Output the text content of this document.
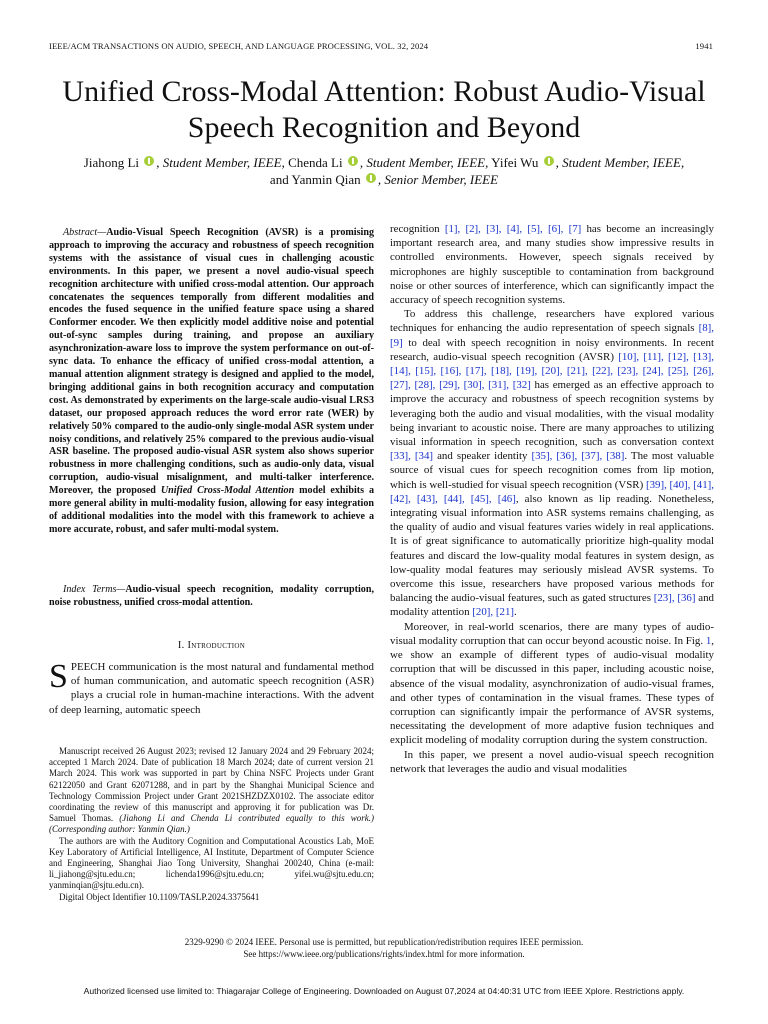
IEEE/ACM TRANSACTIONS ON AUDIO, SPEECH, AND LANGUAGE PROCESSING, VOL. 32, 2024	1941
Unified Cross-Modal Attention: Robust Audio-Visual
Speech Recognition and Beyond
Jiahong Li , Student Member, IEEE, Chenda Li , Student Member, IEEE, Yifei Wu , Student Member, IEEE,
and Yanmin Qian , Senior Member, IEEE
Abstract—Audio-Visual Speech Recognition (AVSR) is a promising approach to improving the accuracy and robustness of speech recognition systems with the assistance of visual cues in challenging acoustic environments. In this paper, we present a novel audio-visual speech recognition architecture with unified cross-modal attention. Our approach concatenates the sequences temporally from different modalities and encodes the fused sequence in the unified feature space using a shared Conformer encoder. We then explicitly model additive noise and potential out-of-sync samples during training, and propose an auxiliary asynchronization-aware loss to improve the system performance on out-of-sync data. To enhance the efficacy of unified cross-modal attention, a manual attention alignment strategy is designed and applied to the model, bringing additional gains in both recognition accuracy and computation cost. As demonstrated by experiments on the large-scale audio-visual LRS3 dataset, our proposed approach reduces the word error rate (WER) by relatively 50% compared to the audio-only single-modal ASR system under noisy conditions, and relatively 25% compared to the previous audio-visual ASR baseline. The proposed audio-visual ASR system also shows superior robustness in more challenging conditions, such as audio-only data, visual corruption, audio-visual misalignment, and multi-talker interference. Moreover, the proposed Unified Cross-Modal Attention model exhibits a more general ability in multi-modality fusion, allowing for easy integration of additional modalities into the model with this framework to achieve a more accurate, robust, and safer multi-modal system.
Index Terms—Audio-visual speech recognition, modality corruption, noise robustness, unified cross-modal attention.
I. Introduction
SPEECH communication is the most natural and fundamental method of human communication, and automatic speech recognition (ASR) plays a crucial role in human-machine interactions. With the advent of deep learning, automatic speech

Manuscript received 26 August 2023; revised 12 January 2024 and 29 February 2024; accepted 1 March 2024. Date of publication 18 March 2024; date of current version 21 March 2024. This work was supported in part by China NSFC Projects under Grant 62122050 and Grant 62071288, and in part by the Shanghai Municipal Science and Technology Commission Project under Grant 2021SHZDZX0102. The associate editor coordinating the review of this manuscript and approving it for publication was Dr. Samuel Thomas. (Jiahong Li and Chenda Li contributed equally to this work.) (Corresponding author: Yanmin Qian.)

The authors are with the Auditory Cognition and Computational Acoustics Lab, MoE Key Laboratory of Artificial Intelligence, AI Institute, Department of Computer Science and Engineering, Shanghai Jiao Tong University, Shanghai 200240, China (e-mail: li_jiahong@sjtu.edu.cn; lichenda1996@sjtu.edu.cn; yifei.wu@sjtu.edu.cn; yanminqian@sjtu.edu.cn).

Digital Object Identifier 10.1109/TASLP.2024.3375641

recognition [1], [2], [3], [4], [5], [6], [7] has become an increasingly important research area, and many studies show impressive results in controlled environments. However, speech signals received by microphones are highly susceptible to contamination from background noise or other sources of interference, which can significantly impact the accuracy of speech recognition systems.

To address this challenge, researchers have explored various techniques for enhancing the audio representation of speech signals [8], [9] to deal with speech recognition in noisy environments. In recent research, audio-visual speech recognition (AVSR) [10], [11], [12], [13], [14], [15], [16], [17], [18], [19], [20], [21], [22], [23], [24], [25], [26], [27], [28], [29], [30], [31], [32] has emerged as an effective approach to improve the accuracy and robustness of speech recognition systems by leveraging both the audio and visual modalities, with the visual modality being invariant to acoustic noise. There are many approaches to utilizing visual information in speech recognition, such as conversation context [33], [34] and speaker identity [35], [36], [37], [38]. The most valuable source of visual cues for speech recognition comes from lip motion, which is well-studied for visual speech recognition (VSR) [39], [40], [41], [42], [43], [44], [45], [46], also known as lip reading. Nonetheless, integrating visual information into ASR systems remains challenging, as the quality of audio and visual features varies widely in real applications. It is of great significance to automatically prioritize high-quality modal features and discard the low-quality modal features in system design, as low-quality modal features may seriously mislead AVSR systems. To overcome this issue, researchers have proposed various methods for balancing the audio-visual features, such as gated structures [23], [36] and modality attention [20], [21].

Moreover, in real-world scenarios, there are many types of audio-visual modality corruption that can occur beyond acoustic noise. In Fig. 1, we show an example of different types of audio-visual modality corruption that will be discussed in this paper, including acoustic noise, absence of the visual modality, asynchronization of audio-visual frames, and other types of contamination in the visual frames. These types of corruption can significantly impair the performance of AVSR systems, necessitating the development of more adaptive fusion techniques and explicit modeling of modality corruption during the system construction.

In this paper, we present a novel audio-visual speech recognition network that leverages the audio and visual modalities

2329-9290 © 2024 IEEE. Personal use is permitted, but republication/redistribution requires IEEE permission.
See https://www.ieee.org/publications/rights/index.html for more information.
Authorized licensed use limited to: Thiagarajar College of Engineering. Downloaded on August 07,2024 at 04:40:31 UTC from IEEE Xplore. Restrictions apply.
